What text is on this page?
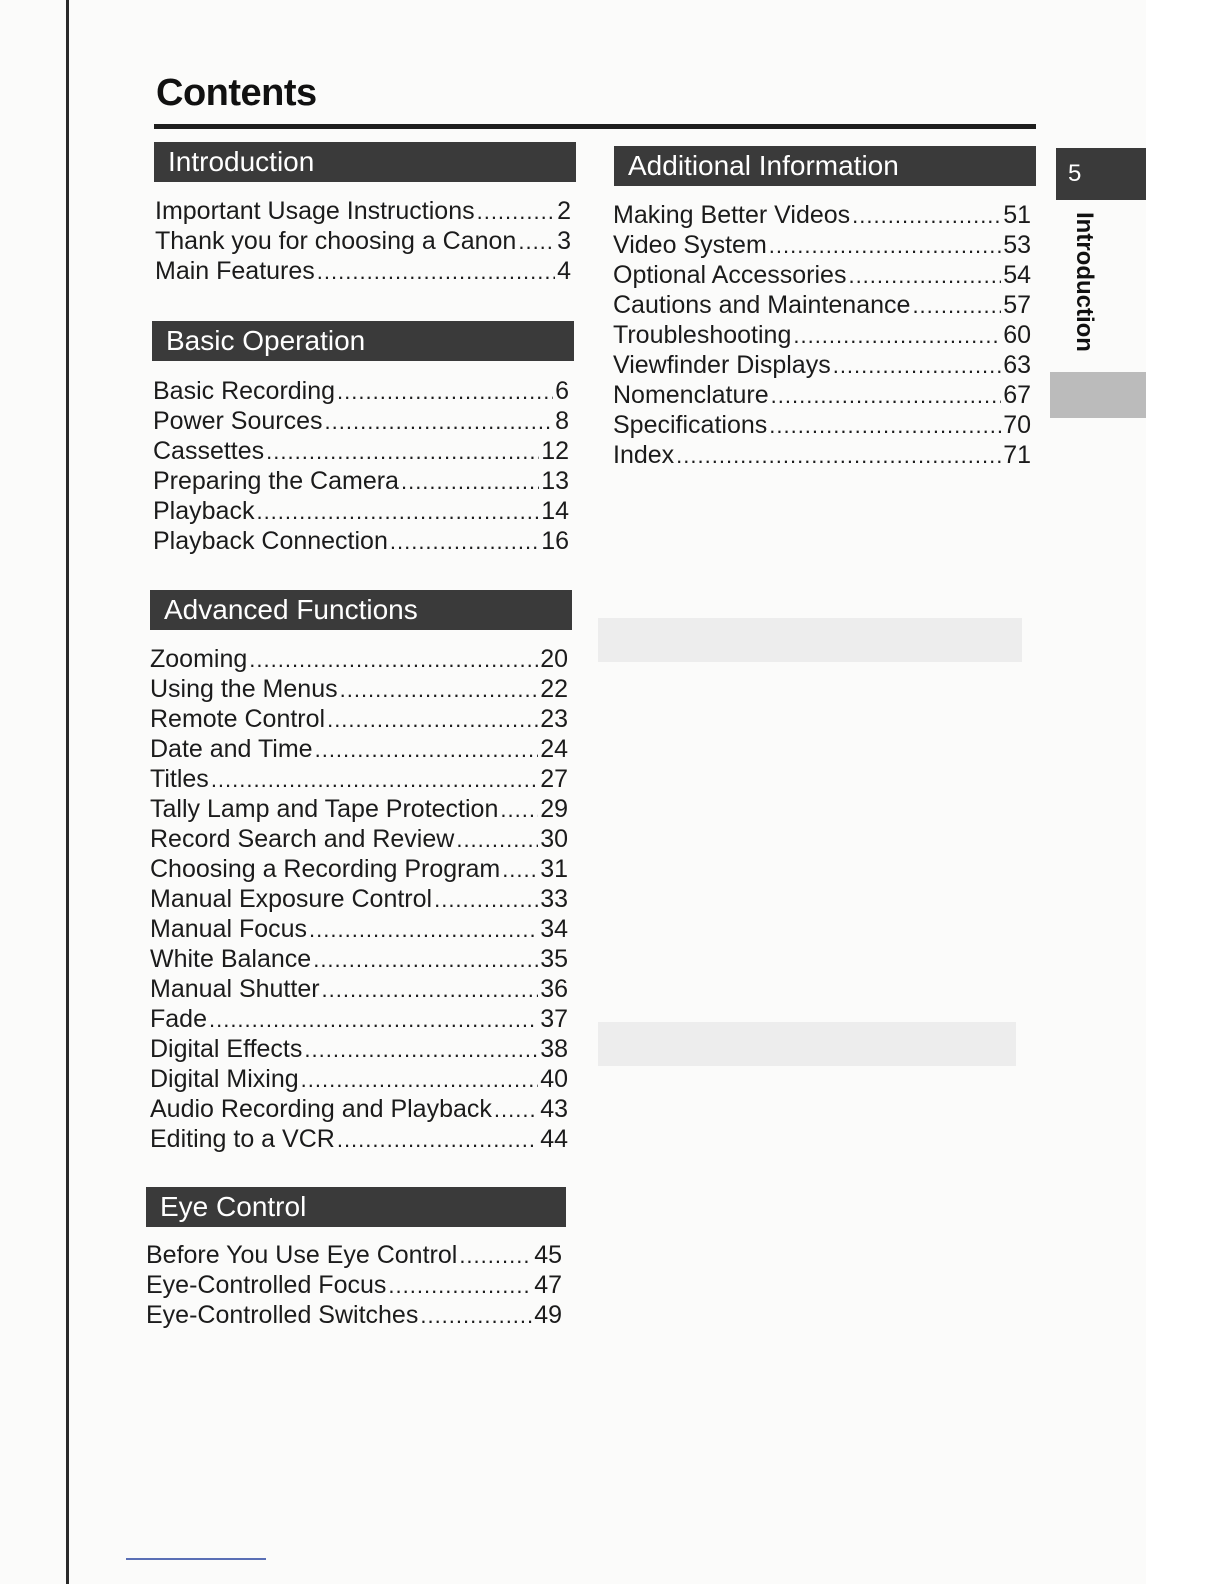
Contents
Introduction
Important Usage Instructions .....	2
Thank you for choosing a Canon ..... 3
Main Features .....	4
Basic Operation
Basic Recording .....	6
Power Sources .....	8
Cassettes .....	12
Preparing the Camera .....	13
Playback .....	14
Playback Connection .....	16
Advanced Functions
Zooming .....	20
Using the Menus .....	22
Remote Control .....	23
Date and Time .....	24
Titles .....	27
Tally Lamp and Tape Protection ..... 29
Record Search and Review .....	30
Choosing a Recording Program ..... 31
Manual Exposure Control .....	33
Manual Focus .....	34
White Balance .....	35
Manual Shutter .....	36
Fade .....	37
Digital Effects .....	38
Digital Mixing .....	40
Audio Recording and Playback ..... 43
Editing to a VCR .....	44
Eye Control
Before You Use Eye Control .....	45
Eye-Controlled Focus .....	47
Eye-Controlled Switches .....	49
Additional Information
Making Better Videos .....	51
Video System .....	53
Optional Accessories .....	54
Cautions and Maintenance .....	57
Troubleshooting .....	60
Viewfinder Displays .....	63
Nomenclature .....	67
Specifications .....	70
Index .....	71
5
Introduction
